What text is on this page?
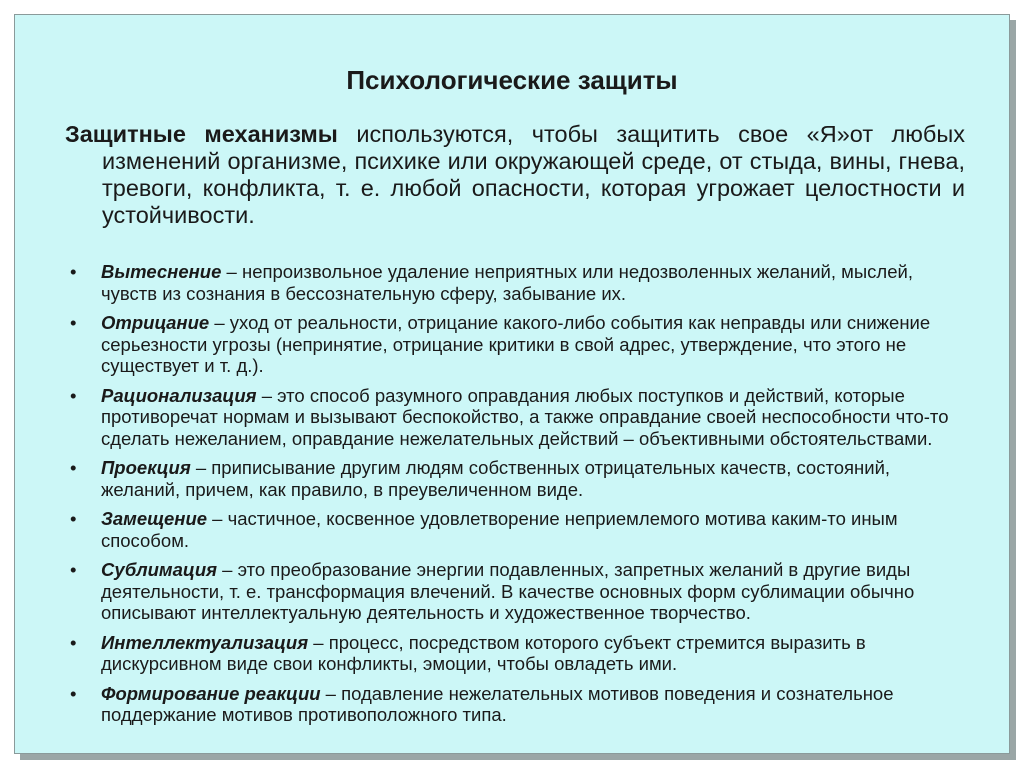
Психологические защиты
Защитные механизмы используются, чтобы защитить свое «Я»от любых изменений организме, психике или окружающей среде, от стыда, вины, гнева, тревоги, конфликта, т. е. любой опасности, которая угрожает целостности и устойчивости.
• Вытеснение – непроизвольное удаление неприятных или недозволенных желаний, мыслей, чувств из сознания в бессознательную сферу, забывание их.
• Отрицание – уход от реальности, отрицание какого-либо события как неправды или снижение серьезности угрозы (непринятие, отрицание критики в свой адрес, утверждение, что этого не существует и т. д.).
• Рационализация – это способ разумного оправдания любых поступков и действий, которые противоречат нормам и вызывают беспокойство, а также оправдание своей неспособности что-то сделать нежеланием, оправдание нежелательных действий – объективными обстоятельствами.
• Проекция – приписывание другим людям собственных отрицательных качеств, состояний, желаний, причем, как правило, в преувеличенном виде.
• Замещение – частичное, косвенное удовлетворение неприемлемого мотива каким-то иным способом.
• Сублимация – это преобразование энергии подавленных, запретных желаний в другие виды деятельности, т. е. трансформация влечений. В качестве основных форм сублимации обычно описывают интеллектуальную деятельность и художественное творчество.
• Интеллектуализация – процесс, посредством которого субъект стремится выразить в дискурсивном виде свои конфликты, эмоции, чтобы овладеть ими.
• Формирование реакции – подавление нежелательных мотивов поведения и сознательное поддержание мотивов противоположного типа.
